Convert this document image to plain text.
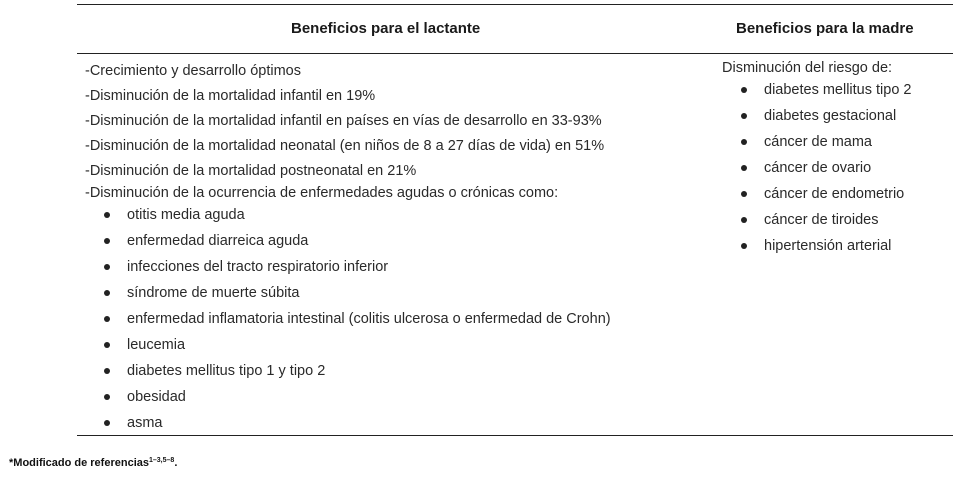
Beneficios para el lactante	Beneficios para la madre
-Crecimiento y desarrollo óptimos
-Disminución de la mortalidad infantil en 19%
-Disminución de la mortalidad infantil en países en vías de desarrollo en 33-93%
-Disminución de la mortalidad neonatal (en niños de 8 a 27 días de vida) en 51%
-Disminución de la mortalidad postneonatal en 21%
-Disminución de la ocurrencia de enfermedades agudas o crónicas como:
otitis media aguda
enfermedad diarreica aguda
infecciones del tracto respiratorio inferior
síndrome de muerte súbita
enfermedad inflamatoria intestinal (colitis ulcerosa o enfermedad de Crohn)
leucemia
diabetes mellitus tipo 1 y tipo 2
obesidad
asma
Disminución del riesgo de:
diabetes mellitus tipo 2
diabetes gestacional
cáncer de mama
cáncer de ovario
cáncer de endometrio
cáncer de tiroides
hipertensión arterial
*Modificado de referencias$^{1-3,5-8}$.
